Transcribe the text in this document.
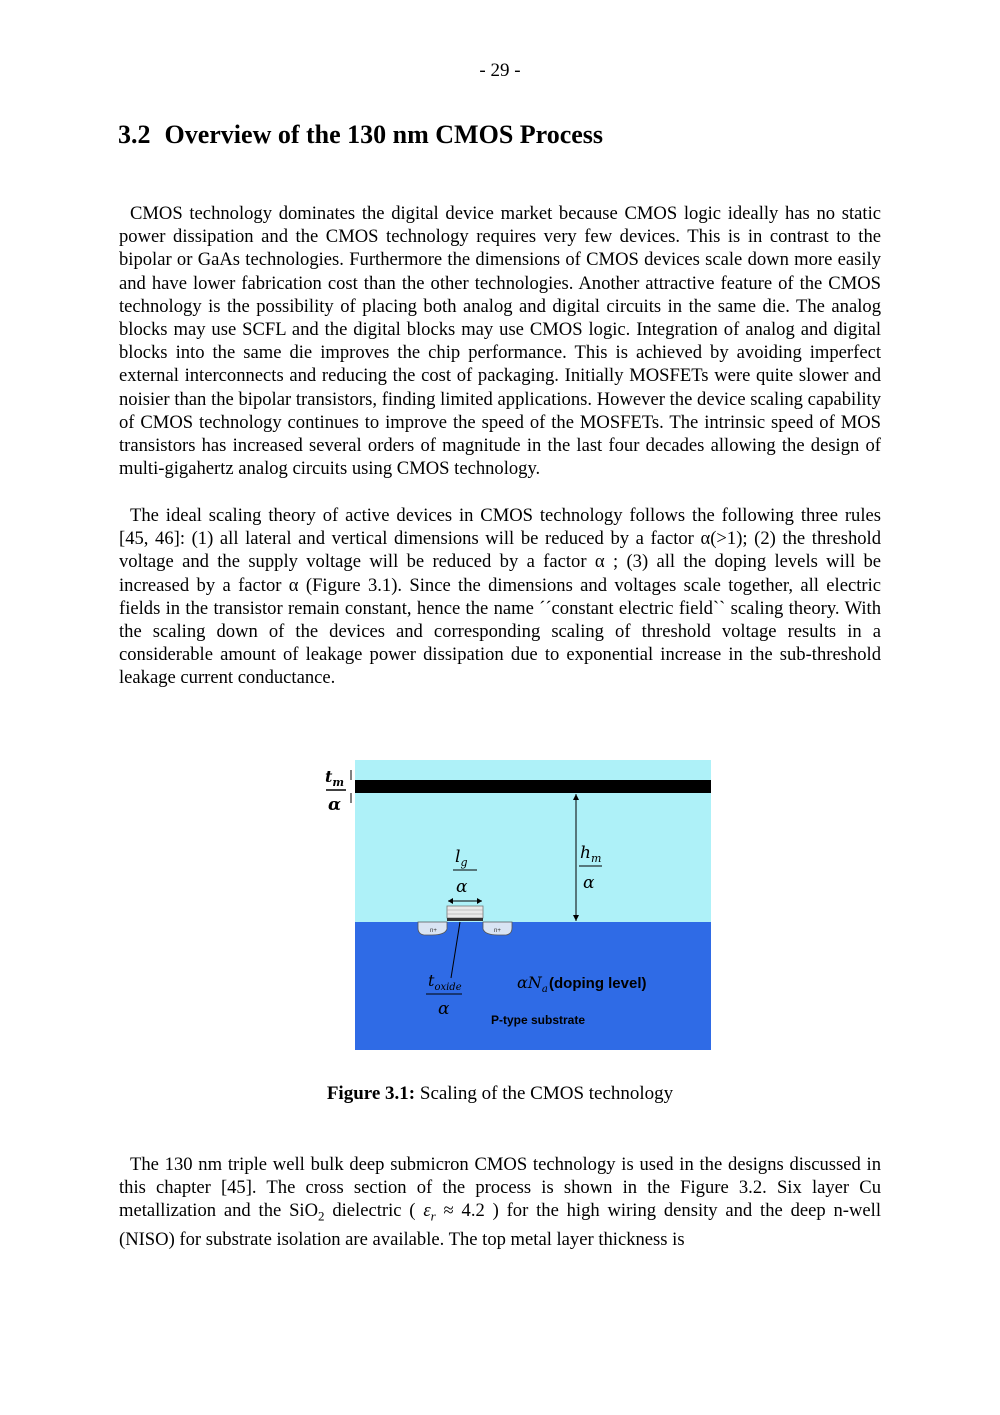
- 29 -
3.2 Overview of the 130 nm CMOS Process

CMOS technology dominates the digital device market because CMOS logic ideally has no static power dissipation and the CMOS technology requires very few devices. This is in contrast to the bipolar or GaAs technologies. Furthermore the dimensions of CMOS devices scale down more easily and have lower fabrication cost than the other technologies. Another attractive feature of the CMOS technology is the possibility of placing both analog and digital circuits in the same die. The analog blocks may use SCFL and the digital blocks may use CMOS logic. Integration of analog and digital blocks into the same die improves the chip performance. This is achieved by avoiding imperfect external interconnects and reducing the cost of packaging. Initially MOSFETs were quite slower and noisier than the bipolar transistors, finding limited applications. However the device scaling capability of CMOS technology continues to improve the speed of the MOSFETs. The intrinsic speed of MOS transistors has increased several orders of magnitude in the last four decades allowing the design of multi-gigahertz analog circuits using CMOS technology.

The ideal scaling theory of active devices in CMOS technology follows the following three rules [45, 46]: (1) all lateral and vertical dimensions will be reduced by a factor α(>1); (2) the threshold voltage and the supply voltage will be reduced by a factor α ; (3) all the doping levels will be increased by a factor α (Figure 3.1). Since the dimensions and voltages scale together, all electric fields in the transistor remain constant, hence the name ´´constant electric field`` scaling theory. With the scaling down of the devices and corresponding scaling of threshold voltage results in a considerable amount of leakage power dissipation due to exponential increase in the sub-threshold leakage current conductance.

$t_m$
α
$h_m$
α
$l_g$
α
n+	n+
$t_{oxide}$
α
$\alpha N_a$ (doping level)
P-type substrate
Figure 3.1: Scaling of the CMOS technology

The 130 nm triple well bulk deep submicron CMOS technology is used in the designs discussed in this chapter [45]. The cross section of the process is shown in the Figure 3.2. Six layer Cu metallization and the SiO$_2$ dielectric ( $\varepsilon_r \approx 4.2$ ) for the high wiring density and the deep n-well (NISO) for substrate isolation are available. The top metal layer thickness is
